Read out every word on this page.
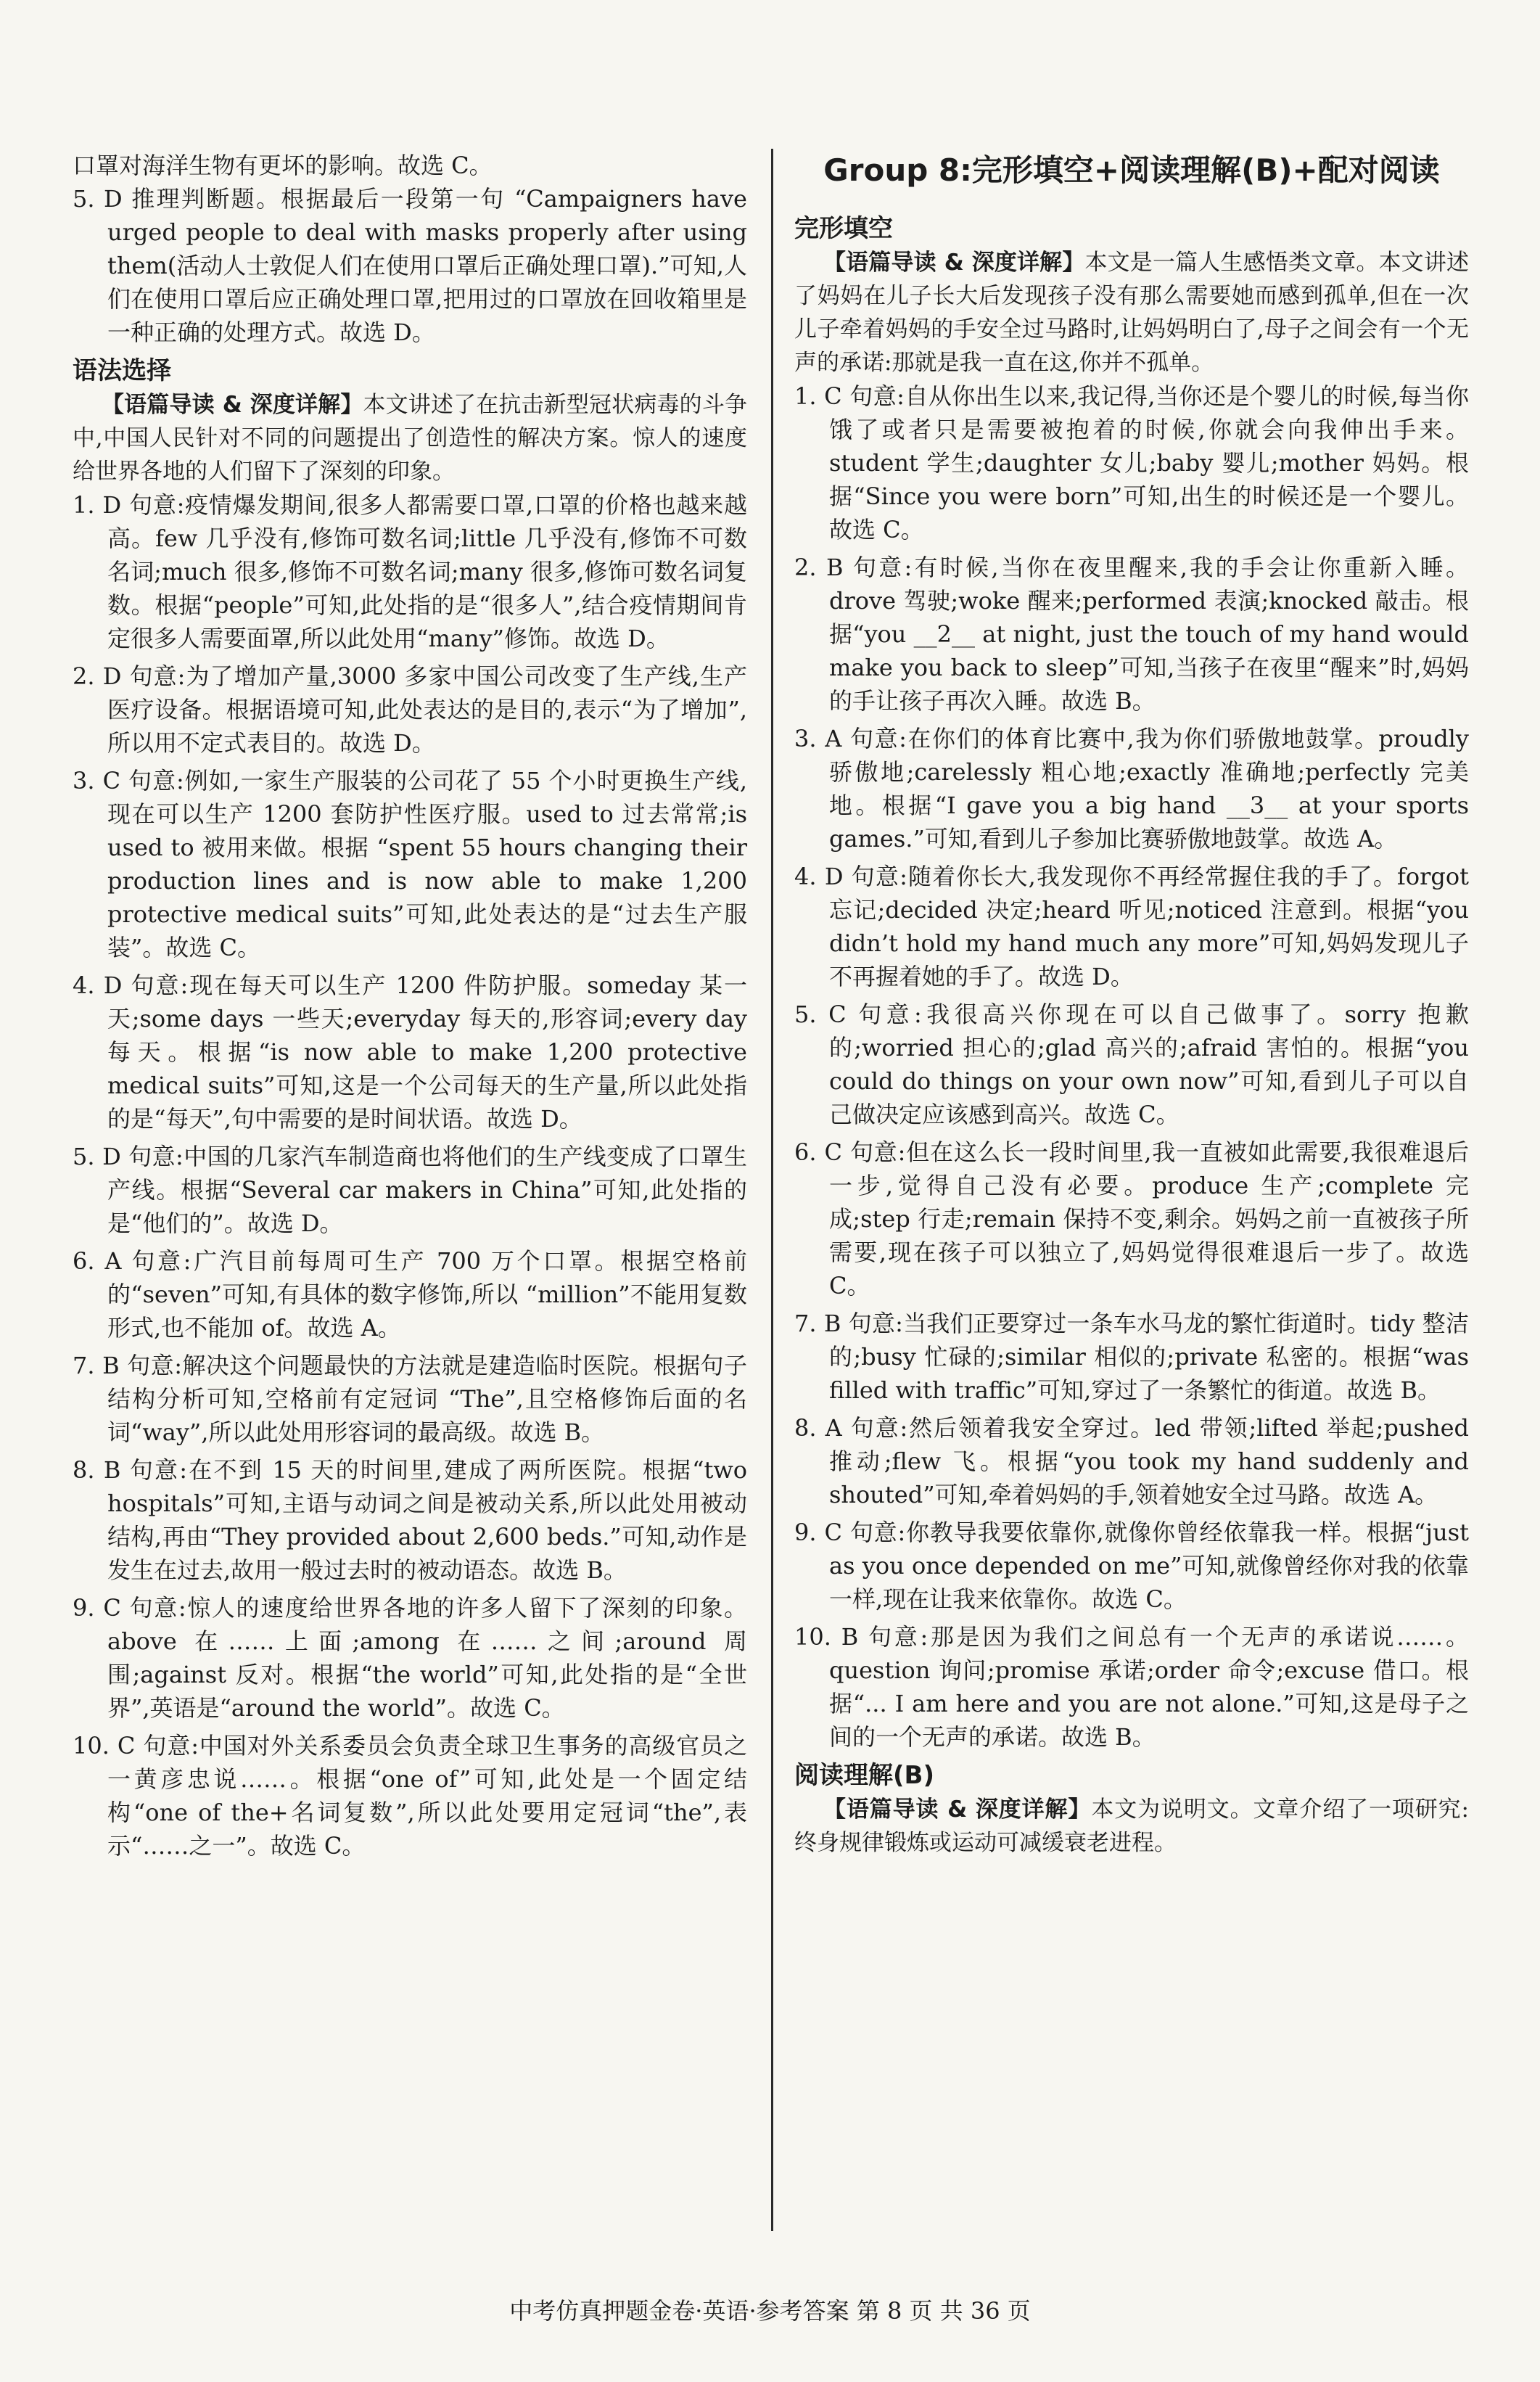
口罩对海洋生物有更坏的影响。故选 C。

5. D 推理判断题。根据最后一段第一句 “Campaigners have urged people to deal with masks properly after using them(活动人士敦促人们在使用口罩后正确处理口罩).”可知,人们在使用口罩后应正确处理口罩,把用过的口罩放在回收箱里是一种正确的处理方式。故选 D。

语法选择

【语篇导读 & 深度详解】本文讲述了在抗击新型冠状病毒的斗争中,中国人民针对不同的问题提出了创造性的解决方案。惊人的速度给世界各地的人们留下了深刻的印象。

1. D 句意:疫情爆发期间,很多人都需要口罩,口罩的价格也越来越高。few 几乎没有,修饰可数名词;little 几乎没有,修饰不可数名词;much 很多,修饰不可数名词;many 很多,修饰可数名词复数。根据“people”可知,此处指的是“很多人”,结合疫情期间肯定很多人需要面罩,所以此处用“many”修饰。故选 D。

2. D 句意:为了增加产量,3000 多家中国公司改变了生产线,生产医疗设备。根据语境可知,此处表达的是目的,表示“为了增加”,所以用不定式表目的。故选 D。

3. C 句意:例如,一家生产服装的公司花了 55 个小时更换生产线,现在可以生产 1200 套防护性医疗服。used to 过去常常;is used to 被用来做。根据 “spent 55 hours changing their production lines and is now able to make 1,200 protective medical suits”可知,此处表达的是“过去生产服装”。故选 C。

4. D 句意:现在每天可以生产 1200 件防护服。someday 某一天;some days 一些天;everyday 每天的,形容词;every day 每天。根据“is now able to make 1,200 protective medical suits”可知,这是一个公司每天的生产量,所以此处指的是“每天”,句中需要的是时间状语。故选 D。

5. D 句意:中国的几家汽车制造商也将他们的生产线变成了口罩生产线。根据“Several car makers in China”可知,此处指的是“他们的”。故选 D。

6. A 句意:广汽目前每周可生产 700 万个口罩。根据空格前的“seven”可知,有具体的数字修饰,所以 “million”不能用复数形式,也不能加 of。故选 A。

7. B 句意:解决这个问题最快的方法就是建造临时医院。根据句子结构分析可知,空格前有定冠词 “The”,且空格修饰后面的名词“way”,所以此处用形容词的最高级。故选 B。

8. B 句意:在不到 15 天的时间里,建成了两所医院。根据“two hospitals”可知,主语与动词之间是被动关系,所以此处用被动结构,再由“They provided about 2,600 beds.”可知,动作是发生在过去,故用一般过去时的被动语态。故选 B。

9. C 句意:惊人的速度给世界各地的许多人留下了深刻的印象。above 在……上面;among 在……之间;around 周围;against 反对。根据“the world”可知,此处指的是“全世界”,英语是“around the world”。故选 C。

10. C 句意:中国对外关系委员会负责全球卫生事务的高级官员之一黄彦忠说……。根据“one of”可知,此处是一个固定结构“one of the+名词复数”,所以此处要用定冠词“the”,表示“……之一”。故选 C。

Group 8:完形填空+阅读理解(B)+配对阅读
完形填空

【语篇导读 & 深度详解】本文是一篇人生感悟类文章。本文讲述了妈妈在儿子长大后发现孩子没有那么需要她而感到孤单,但在一次儿子牵着妈妈的手安全过马路时,让妈妈明白了,母子之间会有一个无声的承诺:那就是我一直在这,你并不孤单。

1. C 句意:自从你出生以来,我记得,当你还是个婴儿的时候,每当你饿了或者只是需要被抱着的时候,你就会向我伸出手来。student 学生;daughter 女儿;baby 婴儿;mother 妈妈。根据“Since you were born”可知,出生的时候还是一个婴儿。故选 C。

2. B 句意:有时候,当你在夜里醒来,我的手会让你重新入睡。drove 驾驶;woke 醒来;performed 表演;knocked 敲击。根据“you __2__ at night, just the touch of my hand would make you back to sleep”可知,当孩子在夜里“醒来”时,妈妈的手让孩子再次入睡。故选 B。

3. A 句意:在你们的体育比赛中,我为你们骄傲地鼓掌。proudly 骄傲地;carelessly 粗心地;exactly 准确地;perfectly 完美地。根据“I gave you a big hand __3__ at your sports games.”可知,看到儿子参加比赛骄傲地鼓掌。故选 A。

4. D 句意:随着你长大,我发现你不再经常握住我的手了。forgot 忘记;decided 决定;heard 听见;noticed 注意到。根据“you didn’t hold my hand much any more”可知,妈妈发现儿子不再握着她的手了。故选 D。

5. C 句意:我很高兴你现在可以自己做事了。sorry 抱歉的;worried 担心的;glad 高兴的;afraid 害怕的。根据“you could do things on your own now”可知,看到儿子可以自己做决定应该感到高兴。故选 C。

6. C 句意:但在这么长一段时间里,我一直被如此需要,我很难退后一步,觉得自己没有必要。produce 生产;complete 完成;step 行走;remain 保持不变,剩余。妈妈之前一直被孩子所需要,现在孩子可以独立了,妈妈觉得很难退后一步了。故选 C。

7. B 句意:当我们正要穿过一条车水马龙的繁忙街道时。tidy 整洁的;busy 忙碌的;similar 相似的;private 私密的。根据“was filled with traffic”可知,穿过了一条繁忙的街道。故选 B。

8. A 句意:然后领着我安全穿过。led 带领;lifted 举起;pushed 推动;flew 飞。根据“you took my hand suddenly and shouted”可知,牵着妈妈的手,领着她安全过马路。故选 A。

9. C 句意:你教导我要依靠你,就像你曾经依靠我一样。根据“just as you once depended on me”可知,就像曾经你对我的依靠一样,现在让我来依靠你。故选 C。

10. B 句意:那是因为我们之间总有一个无声的承诺说……。question 询问;promise 承诺;order 命令;excuse 借口。根据“... I am here and you are not alone.”可知,这是母子之间的一个无声的承诺。故选 B。

阅读理解(B)

【语篇导读 & 深度详解】本文为说明文。文章介绍了一项研究:终身规律锻炼或运动可减缓衰老进程。

中考仿真押题金卷·英语·参考答案 第 8 页 共 36 页
